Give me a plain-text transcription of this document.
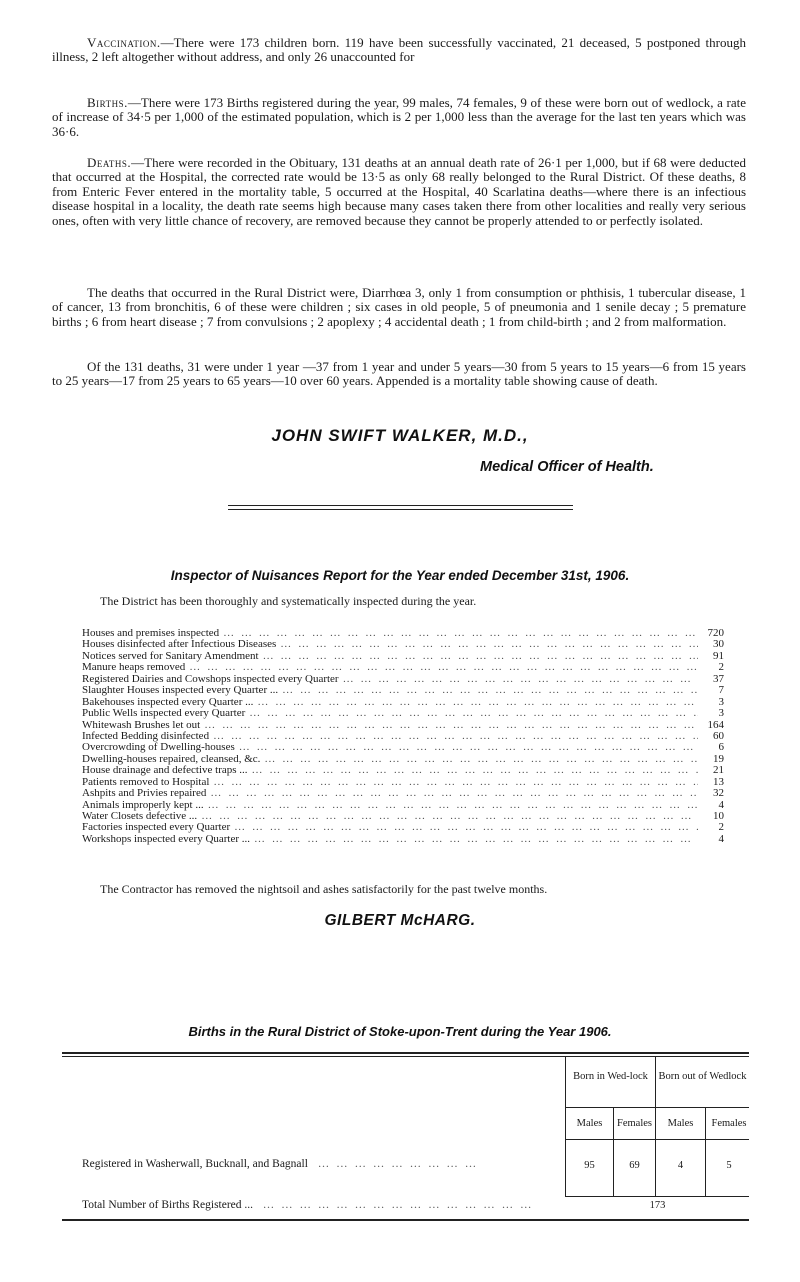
Vaccination.—There were 173 children born. 119 have been successfully vaccinated, 21 deceased, 5 postponed through illness, 2 left altogether without address, and only 26 unaccounted for

Births.—There were 173 Births registered during the year, 99 males, 74 females, 9 of these were born out of wedlock, a rate of increase of 34·5 per 1,000 of the estimated population, which is 2 per 1,000 less than the average for the last ten years which was 36·6.

Deaths.—There were recorded in the Obituary, 131 deaths at an annual death rate of 26·1 per 1,000, but if 68 were deducted that occurred at the Hospital, the corrected rate would be 13·5 as only 68 really belonged to the Rural District. Of these deaths, 8 from Enteric Fever entered in the mortality table, 5 occurred at the Hospital, 40 Scarlatina deaths—where there is an infectious disease hospital in a locality, the death rate seems high because many cases taken there from other localities and really very serious ones, often with very little chance of recovery, are removed because they cannot be properly attended to or perfectly isolated.

The deaths that occurred in the Rural District were, Diarrhœa 3, only 1 from consumption or phthisis, 1 tubercular disease, 1 of cancer, 13 from bronchitis, 6 of these were children ; six cases in old people, 5 of pneumonia and 1 senile decay ; 5 premature births ; 6 from heart disease ; 7 from convulsions ; 2 apoplexy ; 4 accidental death ; 1 from child-birth ; and 2 from malformation.

Of the 131 deaths, 31 were under 1 year —37 from 1 year and under 5 years—30 from 5 years to 15 years—6 from 15 years to 25 years—17 from 25 years to 65 years—10 over 60 years. Appended is a mortality table showing cause of death.

JOHN SWIFT WALKER, M.D.,
Medical Officer of Health.
Inspector of Nuisances Report for the Year ended December 31st, 1906.

The District has been thoroughly and systematically inspected during the year.

Houses and premises inspected … … … … … … … … … … … … … … … … … … … … … … … … … … … … … … … … …	720
Houses disinfected after Infectious Diseases … … … … … … … … … … … … … … … … … … … … … … … … … … … … … … … … …	30
Notices served for Sanitary Amendment … … … … … … … … … … … … … … … … … … … … … … … … … … … … … … … … …	91
Manure heaps removed … … … … … … … … … … … … … … … … … … … … … … … … … … … … … … … … …	2
Registered Dairies and Cowshops inspected every Quarter … … … … … … … … … … … … … … … … … … … … … … … … … … … … … … … … …	37
Slaughter Houses inspected every Quarter ... … … … … … … … … … … … … … … … … … … … … … … … … … … … … … … … … …	7
Bakehouses inspected every Quarter ... … … … … … … … … … … … … … … … … … … … … … … … … … … … … … … … … …	3
Public Wells inspected every Quarter … … … … … … … … … … … … … … … … … … … … … … … … … … … … … … … … …	3
Whitewash Brushes let out … … … … … … … … … … … … … … … … … … … … … … … … … … … … … … … … …	164
Infected Bedding disinfected … … … … … … … … … … … … … … … … … … … … … … … … … … … … … … … … …	60
Overcrowding of Dwelling-houses … … … … … … … … … … … … … … … … … … … … … … … … … … … … … … … … …	6
Dwelling-houses repaired, cleansed, &c. … … … … … … … … … … … … … … … … … … … … … … … … … … … … … … … … …	19
House drainage and defective traps ... … … … … … … … … … … … … … … … … … … … … … … … … … … … … … … … … …	21
Patients removed to Hospital … … … … … … … … … … … … … … … … … … … … … … … … … … … … … … … … …	13
Ashpits and Privies repaired … … … … … … … … … … … … … … … … … … … … … … … … … … … … … … … … …	32
Animals improperly kept ... … … … … … … … … … … … … … … … … … … … … … … … … … … … … … … … … …	4
Water Closets defective ... … … … … … … … … … … … … … … … … … … … … … … … … … … … … … … … … …	10
Factories inspected every Quarter … … … … … … … … … … … … … … … … … … … … … … … … … … … … … … … … …	2
Workshops inspected every Quarter ... … … … … … … … … … … … … … … … … … … … … … … … … … … … … … … … … …	4

The Contractor has removed the nightsoil and ashes satisfactorily for the past twelve months.

GILBERT McHARG.
Births in the Rural District of Stoke-upon-Trent during the Year 1906.
Born in Wed-lock	Born out of Wedlock
Males	Females	Males	Females
Registered in Washerwall, Bucknall, and Bagnall  … … … … … … … … …	95	69	4	5
Total Number of Births Registered ...  … … … … … … … … … … … … … … …	173
